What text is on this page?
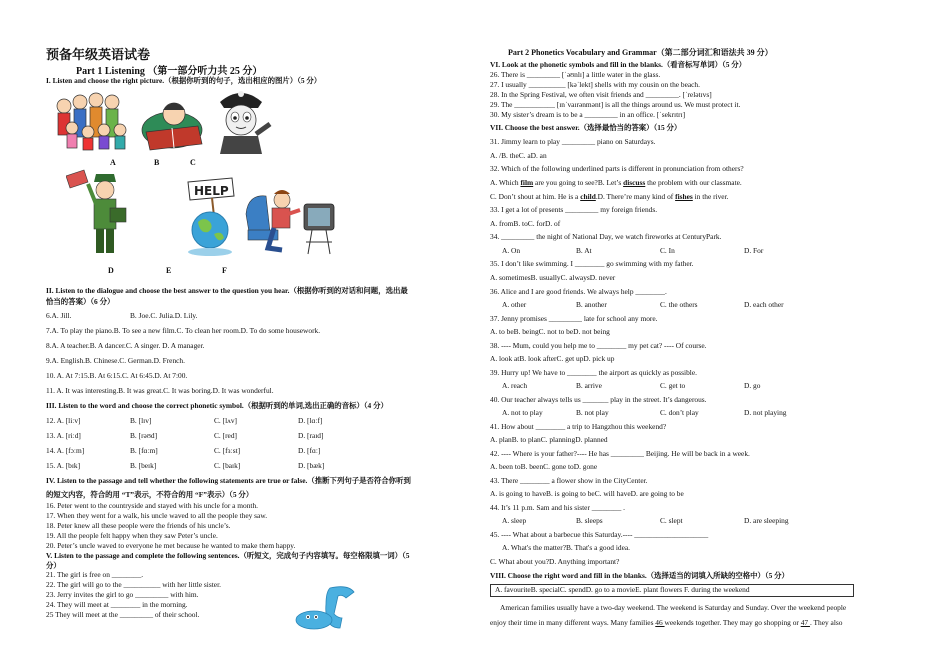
预备年级英语试卷
Part 1 Listening （第一部分听力共 25 分）
I. Listen and choose the right picture.（根据你听到的句子，选出相应的图片）（5 分）
A	B	C
HELP
D	E	F
II. Listen to the dialogue and choose the best answer to the question you hear.（根据你听到的对话和问题，选出最
恰当的答案）（6 分）
6.A. Jill.	B. Joe.C. Julia.D. Lily.
7.A. To play the piano.B. To see a new film.C. To clean her room.D. To do some housework.
8.A. A teacher.B. A dancer.C. A singer. D. A manager.
9.A. English.B. Chinese.C. German.D. French.
10. A. At 7:15.B. At 6:15.C. At 6:45.D. At 7:00.
11. A. It was interesting.B. It was great.C. It was boring.D. It was wonderful.
III. Listen to the word and choose the correct phonetic symbol.（根据听到的单词,选出正确的音标）（4 分）
12. A. [liːv]	B. [lɪv]	C. [lʌv]	D. [lɑːf]
13. A. [riːd]	B. [rəʊd]	C. [red]	D. [raɪd]
14. A. [fɔːm]	B. [fɑːm]	C. [fɜːst]	D. [fɑː]
15. A. [bɪk]	B. [beɪk]	C. [baɪk]	D. [bæk]
IV. Listen to the passage and tell whether the following statements are true or false.（推断下列句子是否符合你听到
的短文内容，符合的用 “T”表示，不符合的用 “F”表示）（5 分）
16. Peter went to the countryside and stayed with his uncle for a month.
17. When they went for a walk, his uncle waved to all the people they saw.
18. Peter knew all these people were the friends of his uncle’s.
19. All the people felt happy when they saw Peter’s uncle.
20. Peter’s uncle waved to everyone he met because he wanted to make them happy.
V. Listen to the passage and complete the following sentences.（听短文，完成句子内容填写。每空格限填一词）（5
分）
21. The girl is free on ________.
22. The girl will go to the __________ with her little sister.
23. Jerry invites the girl to go _________ with him.
24. They will meet at ________ in the morning.
25 They will meet at the _________ of their school.
Part 2 Phonetics Vocabulary and Grammar（第二部分词汇和语法共 39 分）
VI. Look at the phonetic symbols and fill in the blanks.（看音标写单词）（5 分）
26. There is _________ [ˈəʊnlɪ] a little water in the glass.
27. I usually __________ [kəˈlekt] shells with my cousin on the beach.
28. In the Spring Festival, we often visit friends and _________. [ˈrelətɪvs]
29. The ___________ [ɪnˈvaɪrənmənt] is all the things around us. We must protect it.
30. My sister’s dream is to be a _________ in an office. [ˈsekrɪtrɪ]
VII. Choose the best answer.（选择最恰当的答案）（15 分）
31. Jimmy learn to play _________ piano on Saturdays.
A. /B. theC. aD. an
32. Which of the following underlined parts is different in pronunciation from others?
A. Which film are you going to see?B. Let’s discuss the problem with our classmate.
C. Don’t shout at him. He is a child.D. There’re many kind of fishes in the river.
33. I get a lot of presents _________ my foreign friends.
A. fromB. toC. forD. of
34. _________ the night of National Day, we watch fireworks at CenturyPark.
A. On	B. At	C. In	D. For
35. I don’t like swimming. I ________ go swimming with my father.
A. sometimesB. usuallyC. alwaysD. never
36. Alice and I are good friends. We always help ________.
A. other	B. another	C. the others	D. each other
37. Jenny promises _________ late for school any more.
A. to beB. beingC. not to beD. not being
38. ---- Mum, could you help me to ________ my pet cat? ---- Of course.
A. look atB. look afterC. get upD. pick up
39. Hurry up! We have to ________ the airport as quickly as possible.
A. reach	B. arrive	C. get to	D. go
40. Our teacher always tells us _______ play in the street. It’s dangerous.
A. not to play	B. not play	C. don’t play	D. not playing
41. How about ________ a trip to Hangzhou this weekend?
A. planB. to planC. planningD. planned
42. ---- Where is your father?---- He has _________ Beijing. He will be back in a week.
A. been toB. beenC. gone toD. gone
43. There ________ a flower show in the CityCenter.
A. is going to haveB. is going to beC. will haveD. are going to be
44. It’s 11 p.m. Sam and his sister ________ .
A. sleep	B. sleeps	C. slept	D. are sleeping
45. ---- What about a barbecue this Saturday.---- ____________________
A. What's the matter?B. That's a good idea.
C. What about you?D. Anything important?
VIII. Choose the right word and fill in the blanks.（选择适当的词填入所缺的空格中）（5 分）
A. favouriteB. specialC. spendD. go to a movieE. plant flowers F. during the weekend
American families usually have a two-day weekend. The weekend is Saturday and Sunday. Over the weekend people
enjoy their time in many different ways. Many families 46 weekends together. They may go shopping or 47 . They also
